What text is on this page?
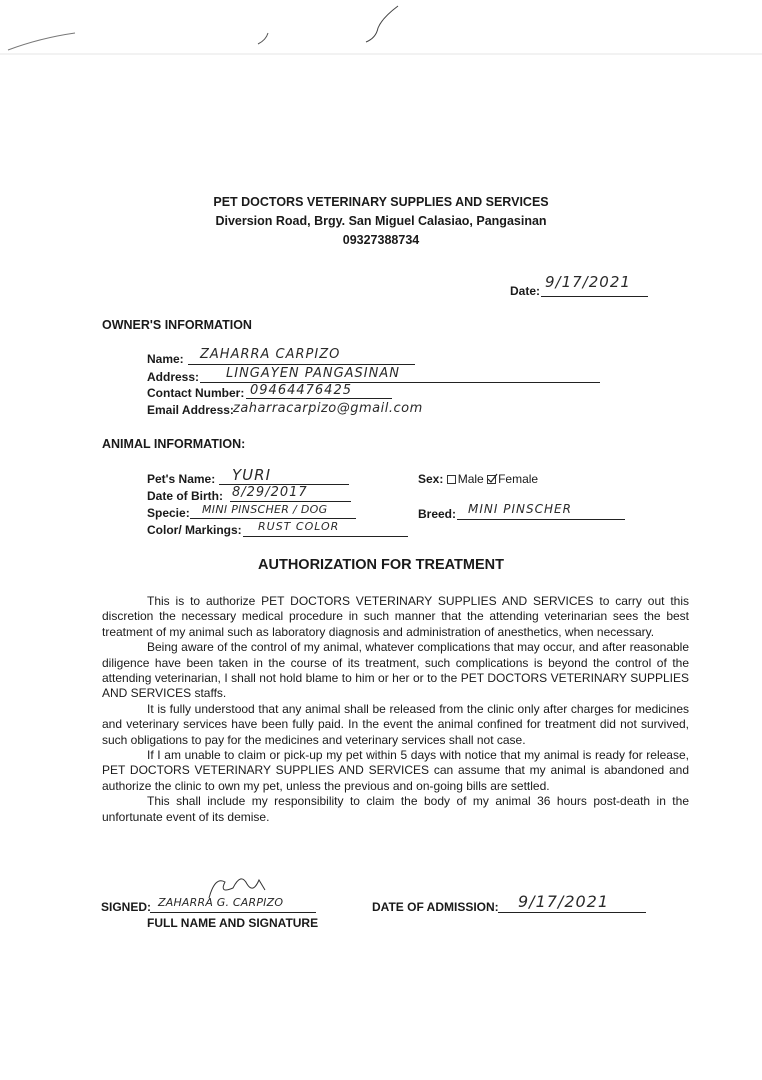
PET DOCTORS VETERINARY SUPPLIES AND SERVICES
Diversion Road, Brgy. San Miguel Calasiao, Pangasinan
09327388734
Date: 9/17/2021
OWNER'S INFORMATION
Name: ZAHARRA CARPIZO
Address: LINGAYEN PANGASINAN
Contact Number: 09464476425
Email Address: zaharracarpizo@gmail.com
ANIMAL INFORMATION:
Pet's Name: YURI
Date of Birth: 8/29/2017
Specie: MINI PINSCHER / DOG
Color/ Markings: RUST COLOR
Sex: Male Female
Breed: MINI PINSCHER
AUTHORIZATION FOR TREATMENT

This is to authorize PET DOCTORS VETERINARY SUPPLIES AND SERVICES to carry out this discretion the necessary medical procedure in such manner that the attending veterinarian sees the best treatment of my animal such as laboratory diagnosis and administration of anesthetics, when necessary.

Being aware of the control of my animal, whatever complications that may occur, and after reasonable diligence have been taken in the course of its treatment, such complications is beyond the control of the attending veterinarian, I shall not hold blame to him or her or to the PET DOCTORS VETERINARY SUPPLIES AND SERVICES staffs.

It is fully understood that any animal shall be released from the clinic only after charges for medicines and veterinary services have been fully paid. In the event the animal confined for treatment did not survived, such obligations to pay for the medicines and veterinary services shall not case.

If I am unable to claim or pick-up my pet within 5 days with notice that my animal is ready for release, PET DOCTORS VETERINARY SUPPLIES AND SERVICES can assume that my animal is abandoned and authorize the clinic to own my pet, unless the previous and on-going bills are settled.

This shall include my responsibility to claim the body of my animal 36 hours post-death in the unfortunate event of its demise.

SIGNED: ZAHARRA G. CARPIZO
FULL NAME AND SIGNATURE
DATE OF ADMISSION: 9/17/2021
